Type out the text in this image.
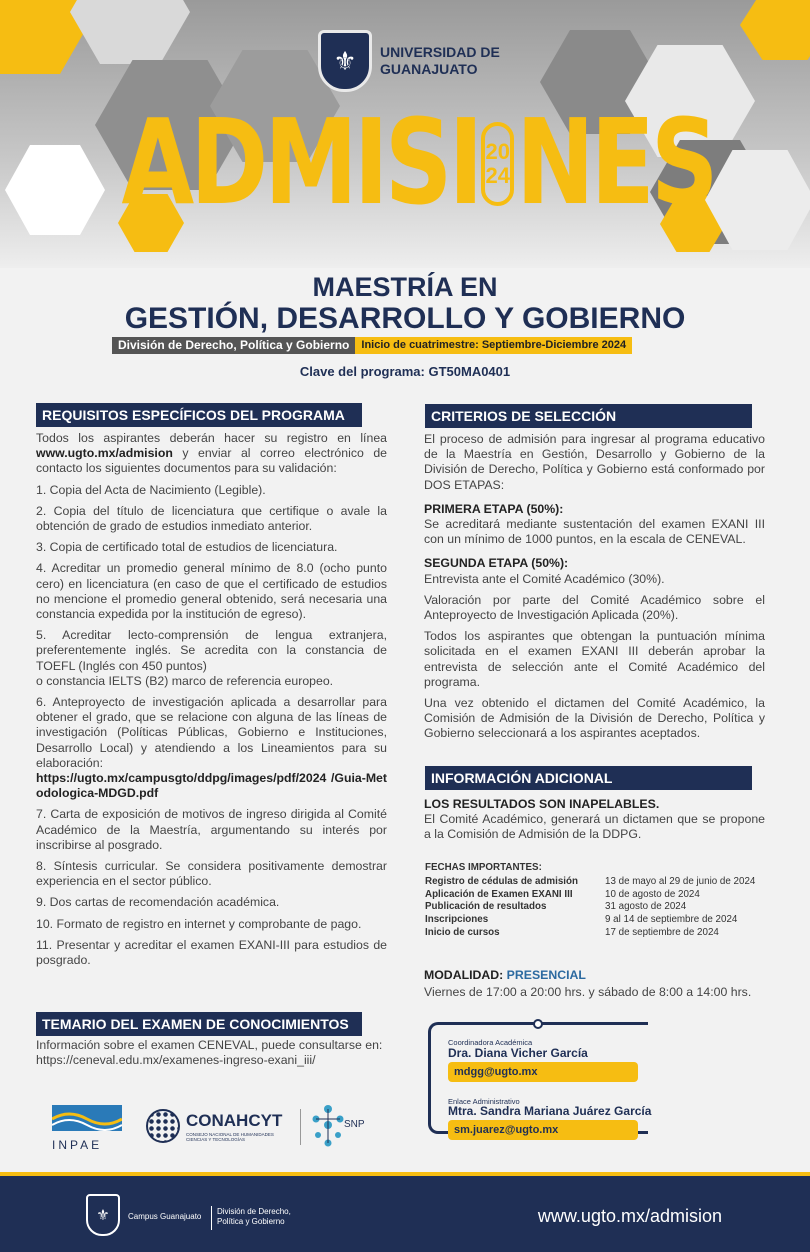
⚜	UNIVERSIDAD DE GUANAJUATO
ADMISI 20
24 NES
MAESTRÍA EN
GESTIÓN, DESARROLLO Y GOBIERNO
División de Derecho, Política y Gobierno	Inicio de cuatrimestre: Septiembre-Diciembre 2024
Clave del programa: GT50MA0401
REQUISITOS ESPECÍFICOS DEL PROGRAMA

Todos los aspirantes deberán hacer su registro en línea www.ugto.mx/admision y enviar al correo electrónico de contacto los siguientes documentos para su validación:

1. Copia del Acta de Nacimiento (Legible).

2. Copia del título de licenciatura que certifique o avale la obtención de grado de estudios inmediato anterior.

3. Copia de certificado total de estudios de licenciatura.

4. Acreditar un promedio general mínimo de 8.0 (ocho punto cero) en licenciatura (en caso de que el certificado de estudios no mencione el promedio general obtenido, será necesaria una constancia expedida por la institución de egreso).

5. Acreditar lecto-comprensión de lengua extranjera, preferentemente inglés. Se acredita con la constancia de TOEFL (Inglés con 450 puntos)
o constancia IELTS (B2) marco de referencia europeo.

6. Anteproyecto de investigación aplicada a desarrollar para obtener el grado, que se relacione con alguna de las líneas de investigación (Políticas Públicas, Gobierno e Instituciones, Desarrollo Local) y atendiendo a los Lineamientos para su elaboración:
https://ugto.mx/campusgto/ddpg/images/pdf/2024 /Guia-Metodologica-MDGD.pdf

7. Carta de exposición de motivos de ingreso dirigida al Comité Académico de la Maestría, argumentando su interés por inscribirse al posgrado.

8. Síntesis curricular. Se considera positivamente demostrar experiencia en el sector público.

9. Dos cartas de recomendación académica.

10. Formato de registro en internet y comprobante de pago.

11. Presentar y acreditar el examen EXANI-III para estudios de posgrado.

TEMARIO DEL EXAMEN DE CONOCIMIENTOS
Información sobre el examen CENEVAL, puede consultarse en: https://ceneval.edu.mx/examenes-ingreso-exani_iii/
INPAE
CONAHCYT
CONSEJO NACIONAL DE HUMANIDADES CIENCIAS Y TECNOLOGÍAS
SNP
CRITERIOS DE SELECCIÓN

El proceso de admisión para ingresar al programa educativo de la Maestría en Gestión, Desarrollo y Gobierno de la División de Derecho, Política y Gobierno está conformado por DOS ETAPAS:

PRIMERA ETAPA (50%):

Se acreditará mediante sustentación del examen EXANI III con un mínimo de 1000 puntos, en la escala de CENEVAL.

SEGUNDA ETAPA (50%):

Entrevista ante el Comité Académico (30%).

Valoración por parte del Comité Académico sobre el Anteproyecto de Investigación Aplicada (20%).

Todos los aspirantes que obtengan la puntuación mínima solicitada en el examen EXANI III deberán aprobar la entrevista de selección ante el Comité Académico del programa.

Una vez obtenido el dictamen del Comité Académico, la Comisión de Admisión de la División de Derecho, Política y Gobierno seleccionará a los aspirantes aceptados.

INFORMACIÓN ADICIONAL
LOS RESULTADOS SON INAPELABLES.

El Comité Académico, generará un dictamen que se propone a la Comisión de Admisión de la DDPG.

FECHAS IMPORTANTES:
Registro de cédulas de admisión	13 de mayo al 29 de junio de 2024
Aplicación de Examen EXANI III	10 de agosto de 2024
Publicación de resultados	31 agosto de 2024
Inscripciones	9 al 14 de septiembre de 2024
Inicio de cursos	17 de septiembre de 2024
MODALIDAD: PRESENCIAL
Viernes de 17:00 a 20:00 hrs. y sábado de 8:00 a 14:00 hrs.
Coordinadora Académica
Dra. Diana Vicher García
mdgg@ugto.mx
Enlace Administrativo
Mtra. Sandra Mariana Juárez García
sm.juarez@ugto.mx
⚜	Campus Guanajuato
División de Derecho, Política y Gobierno	www.ugto.mx/admision
